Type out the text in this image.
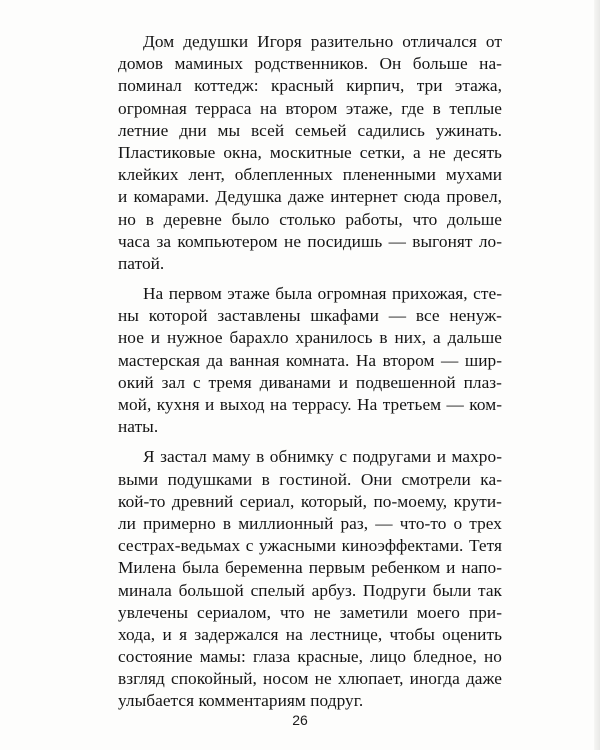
Дом дедушки Игоря разительно отличался от
домов маминых родственников. Он больше на-
поминал коттедж: красный кирпич, три этажа,
огромная терраса на втором этаже, где в теплые
летние дни мы всей семьей садились ужинать.
Пластиковые окна, москитные сетки, а не десять
клейких лент, облепленных плененными мухами
и комарами. Дедушка даже интернет сюда провел,
но в деревне было столько работы, что дольше
часа за компьютером не посидишь — выгонят ло-
патой.
На первом этаже была огромная прихожая, сте-
ны которой заставлены шкафами — все ненуж-
ное и нужное барахло хранилось в них, а дальше
мастерская да ванная комната. На втором — шир-
окий зал с тремя диванами и подвешенной плаз-
мой, кухня и выход на террасу. На третьем — ком-
наты.
Я застал маму в обнимку с подругами и махро-
выми подушками в гостиной. Они смотрели ка-
кой-то древний сериал, который, по-моему, крути-
ли примерно в миллионный раз, — что-то о трех
сестрах-ведьмах с ужасными киноэффектами. Тетя
Милена была беременна первым ребенком и напо-
минала большой спелый арбуз. Подруги были так
увлечены сериалом, что не заметили моего при-
хода, и я задержался на лестнице, чтобы оценить
состояние мамы: глаза красные, лицо бледное, но
взгляд спокойный, носом не хлюпает, иногда даже
улыбается комментариям подруг.
26
